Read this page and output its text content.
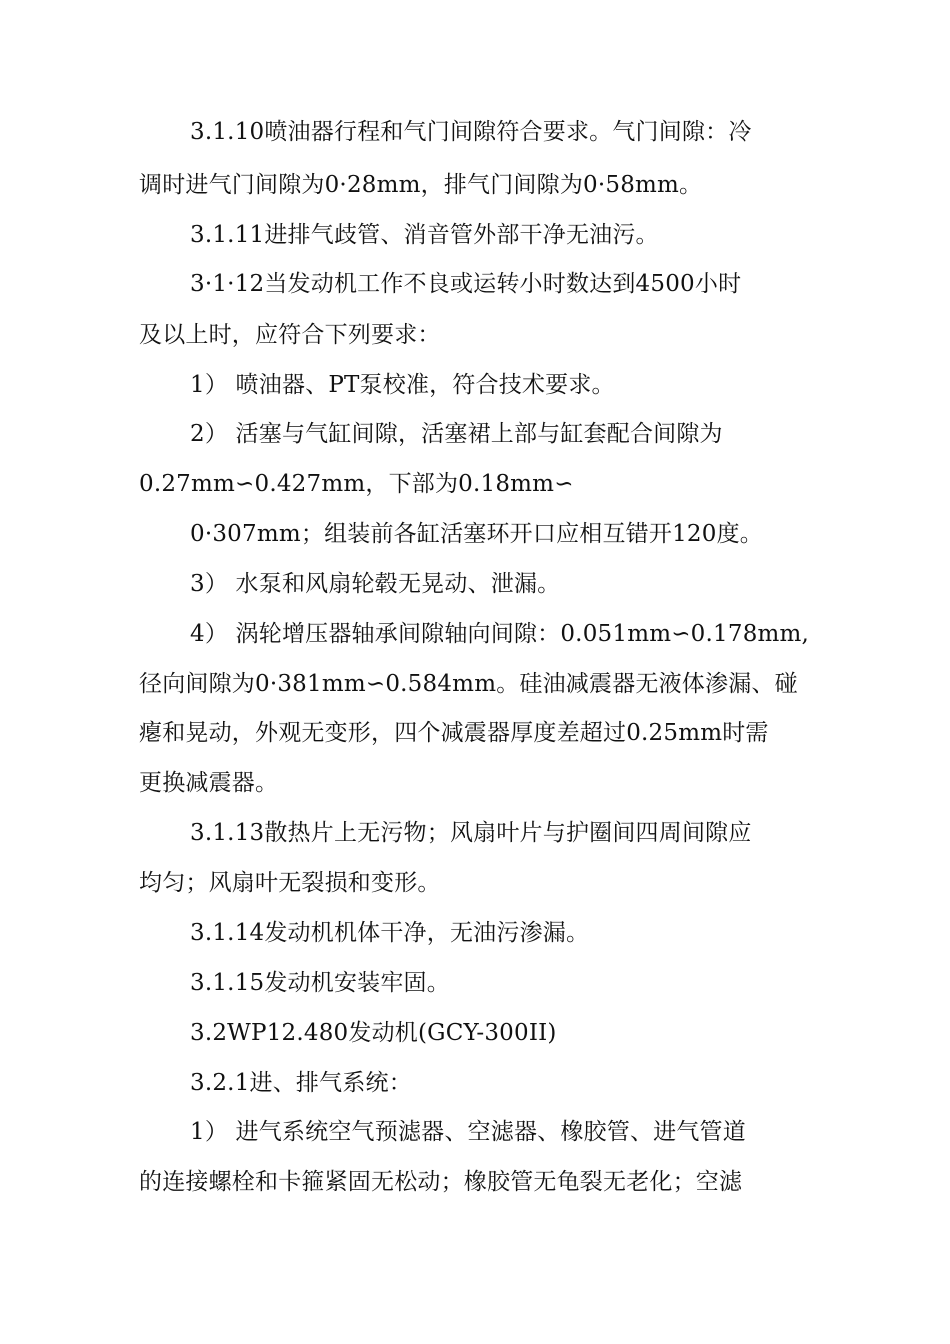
3.1.10喷油器行程和气门间隙符合要求。气门间隙：冷
调时进气门间隙为0·28mm，排气门间隙为0·58mm。
3.1.11进排气歧管、消音管外部干净无油污。
3·1·12当发动机工作不良或运转小时数达到4500小时
及以上时，应符合下列要求：
1） 喷油器、PT泵校准，符合技术要求。
2） 活塞与气缸间隙，活塞裙上部与缸套配合间隙为
0.27mm∽0.427mm，下部为0.18mm∽
0·307mm；组装前各缸活塞环开口应相互错开120度。
3） 水泵和风扇轮毂无晃动、泄漏。
4） 涡轮增压器轴承间隙轴向间隙：0.051mm∽0.178mm,
径向间隙为0·381mm∽0.584mm。硅油减震器无液体渗漏、碰
瘪和晃动，外观无变形，四个减震器厚度差超过0.25mm时需
更换减震器。
3.1.13散热片上无污物；风扇叶片与护圈间四周间隙应
均匀；风扇叶无裂损和变形。
3.1.14发动机机体干净，无油污渗漏。
3.1.15发动机安装牢固。
3.2WP12.480发动机(GCY-300II)
3.2.1进、排气系统：
1） 进气系统空气预滤器、空滤器、橡胶管、进气管道
的连接螺栓和卡箍紧固无松动；橡胶管无龟裂无老化；空滤
